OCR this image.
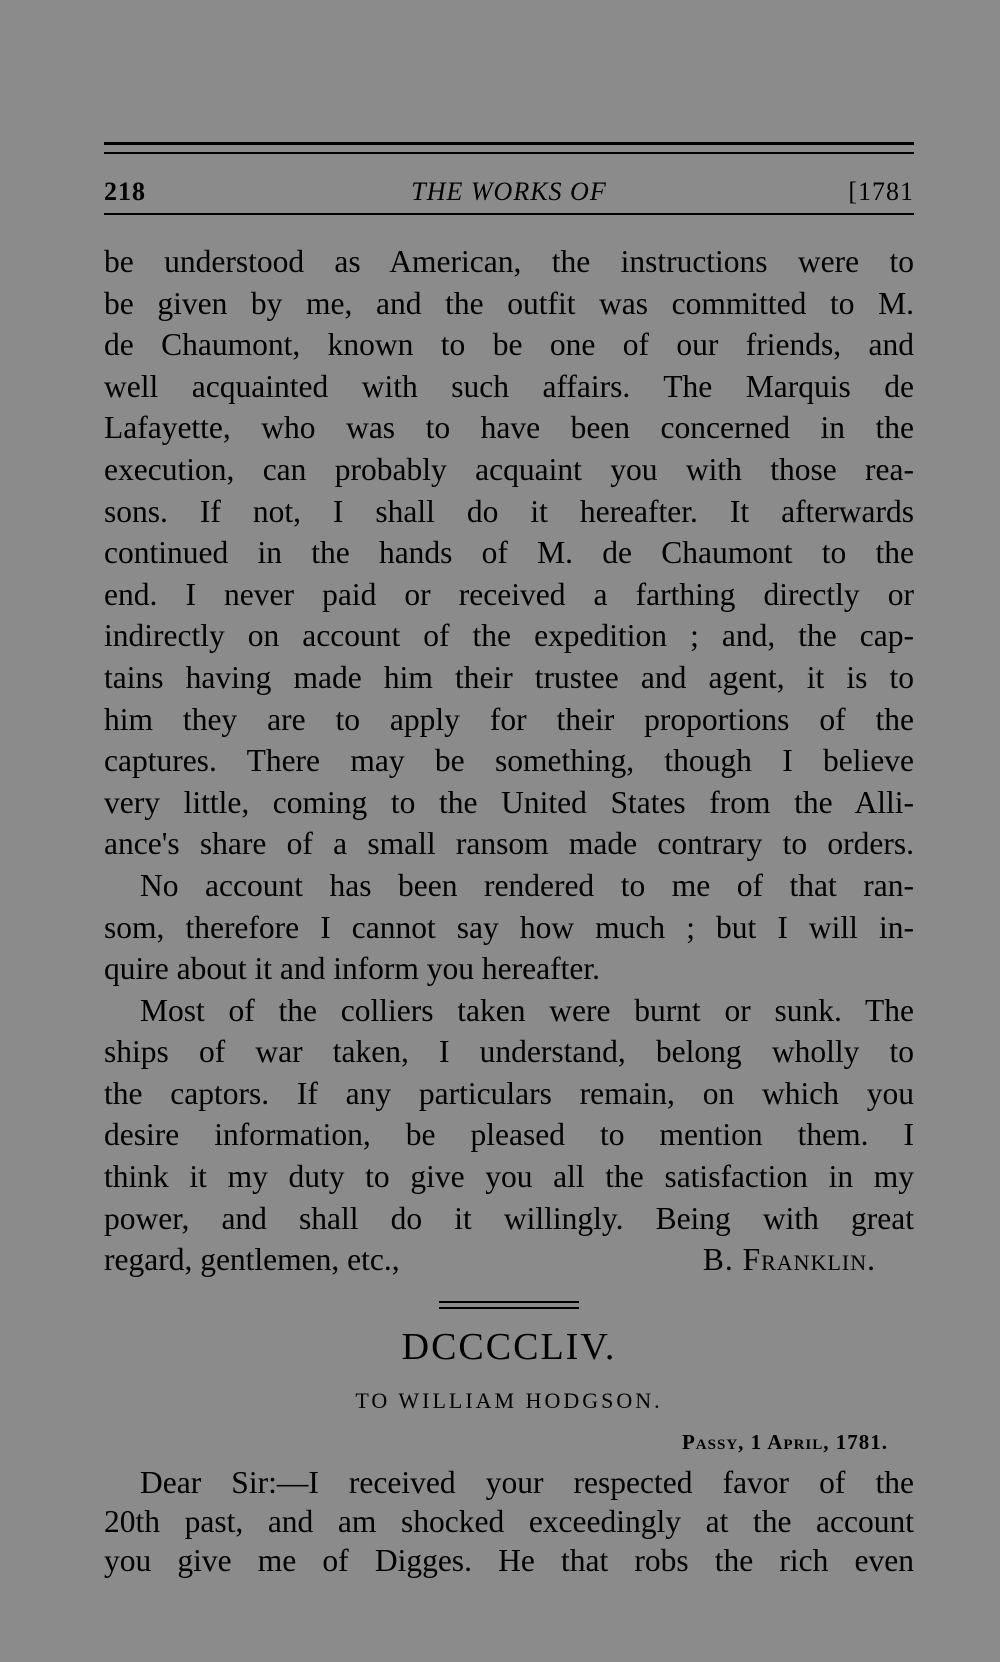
218	THE WORKS OF	[1781
be understood as American, the instructions were to
be given by me, and the outfit was committed to M.
de Chaumont, known to be one of our friends, and
well acquainted with such affairs. The Marquis de
Lafayette, who was to have been concerned in the
execution, can probably acquaint you with those rea-
sons. If not, I shall do it hereafter. It afterwards
continued in the hands of M. de Chaumont to the
end. I never paid or received a farthing directly or
indirectly on account of the expedition ; and, the cap-
tains having made him their trustee and agent, it is to
him they are to apply for their proportions of the
captures. There may be something, though I believe
very little, coming to the United States from the Alli-
ance's share of a small ransom made contrary to orders.
No account has been rendered to me of that ran-
som, therefore I cannot say how much ; but I will in-
quire about it and inform you hereafter.
Most of the colliers taken were burnt or sunk. The
ships of war taken, I understand, belong wholly to
the captors. If any particulars remain, on which you
desire information, be pleased to mention them. I
think it my duty to give you all the satisfaction in my
power, and shall do it willingly. Being with great
regard, gentlemen, etc.,	B. Franklin.
DCCCCLIV.
TO WILLIAM HODGSON.
Passy, 1 April, 1781.
Dear Sir:—I received your respected favor of the
20th past, and am shocked exceedingly at the account
you give me of Digges. He that robs the rich even
